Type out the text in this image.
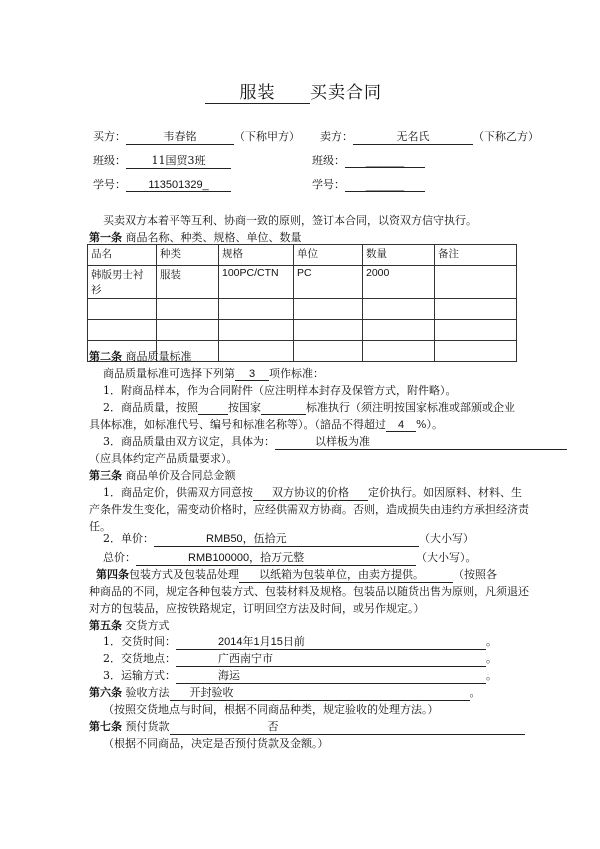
服装 买卖合同
买方：	韦春铭	（下称甲方） 卖方：	无名氏	（下称乙方）
班级： 11国贸3班	班级： _______
学号： 113501329_	学号： _______
买卖双方本着平等互利、协商一致的原则，签订本合同，以资双方信守执行。
第一条 商品名称、种类、规格、单位、数量
品名	种类	规格	单位	数量	备注
韩版男士衬衫	服装	100PC/CTN	PC	2000	

第二条 商品质量标准
商品质量标准可选择下列第 3 项作标准：
1．附商品样本，作为合同附件（应注明样本封存及保管方式，附件略）。
2．商品质量，按照	按国家	标准执行（须注明按国家标准或部颁或企业
具体标准，如标准代号、编号和标准名称等）。（諳品不得超过 4 %）。
3．商品质量由双方议定，具体为：	以样板为准
（应具体约定产品质量要求）。
第三条 商品单价及合同总金额
1．商品定价，供需双方同意按 双方协议的价格 定价执行。如因原料、材料、生
产条件发生变化，需变动价格时，应经供需双方协商。否则，造成损失由违约方承担经济责
任。
2．单价：	RMB50，伍拾元	（大小写）
总价：	RMB100000，拾万元整	（大小写）。
第四条包装方式及包装品处理 以纸箱为包装单位，由卖方提供。	（按照各
种商品的不同，规定各种包装方式、包装材料及规格。包装品以随货出售为原则，凡须退还
对方的包装品，应按铁路规定，订明回空方法及时间，或另作规定。）
第五条 交货方式
1．交货时间：	2014年1月15日前	。
2．交货地点：	广西南宁市	。
3．运输方式：	海运	。
第六条 验收方法 开封验收	。
（按照交货地点与时间，根据不同商品种类，规定验收的处理方法。）
第七条 预付货款	否
（根据不同商品，决定是否预付货款及金额。）
